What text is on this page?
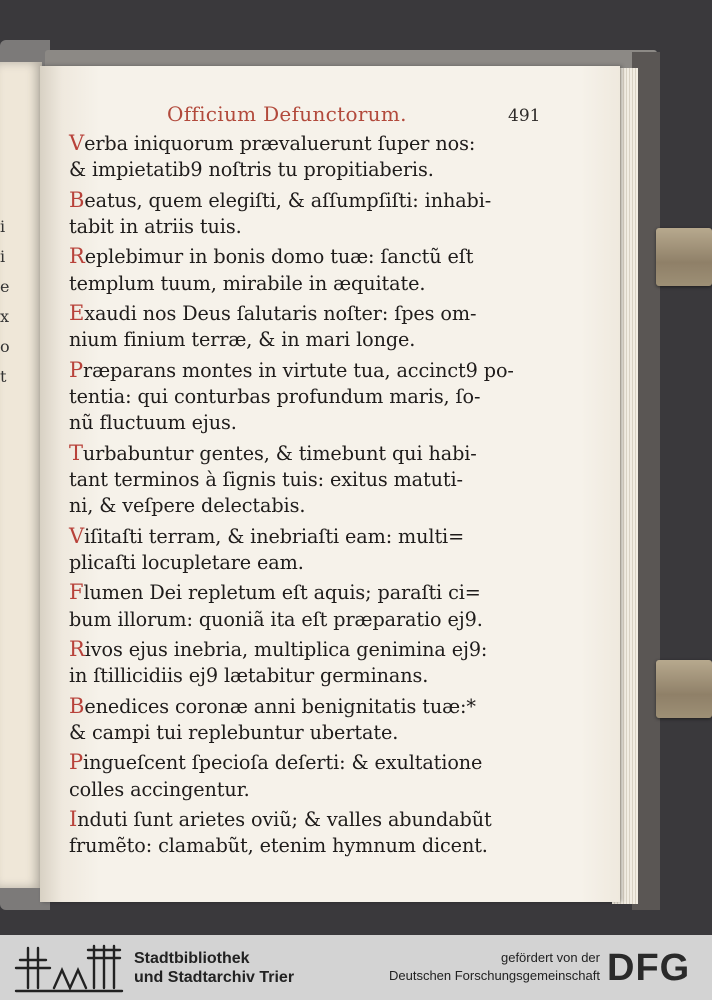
i
i
e
x
o
t
Officium Defunctorum.	491
Verba iniquorum prævaluerunt ſuper nos:
& impietatib9 noſtris tu propitiaberis.
Beatus, quem elegiſti, & aſſumpſiſti: inhabi-
tabit in atriis tuis.
Replebimur in bonis domo tuæ: ſanctũ eſt
templum tuum, mirabile in æquitate.
Exaudi nos Deus ſalutaris noſter: ſpes om-
nium finium terræ, & in mari longe.
Præparans montes in virtute tua, accinct9 po-
tentia: qui conturbas profundum maris, ſo-
nũ fluctuum ejus.
Turbabuntur gentes, & timebunt qui habi-
tant terminos à ſignis tuis: exitus matuti-
ni, & veſpere delectabis.
Viſitaſti terram, & inebriaſti eam: multi=
plicaſti locupletare eam.
Flumen Dei repletum eſt aquis; paraſti ci=
bum illorum: quoniã ita eſt præparatio ej9.
Rivos ejus inebria, multiplica genimina ej9:
in ſtillicidiis ej9 lætabitur germinans.
Benedices coronæ anni benignitatis tuæ:*
& campi tui replebuntur ubertate.
Pingueſcent ſpecioſa deſerti: & exultatione
colles accingentur.
Induti ſunt arietes oviũ; & valles abundabũt
frumẽto: clamabũt, etenim hymnum dicent.
Stadtbibliothek
und Stadtarchiv Trier
gefördert von der
Deutschen Forschungsgemeinschaft DFG
